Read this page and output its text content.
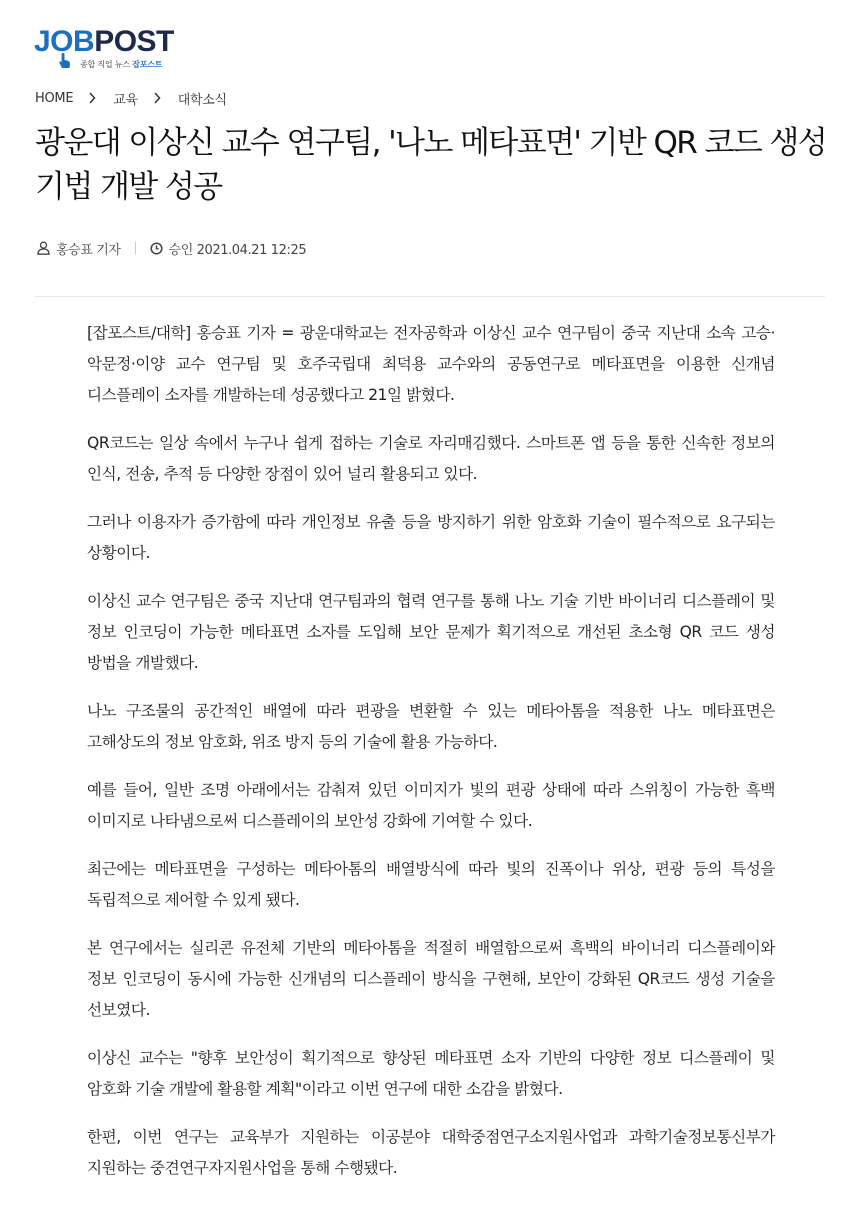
JOBPOST
종합 직업 뉴스 잡포스트
HOME	교육	대학소식
광운대 이상신 교수 연구팀, '나노 메타표면' 기반 QR 코드 생성기법 개발 성공
홍승표 기자	승인 2021.04.21 12:25

[잡포스트/대학] 홍승표 기자 = 광운대학교는 전자공학과 이상신 교수 연구팀이 중국 지난대 소속 고승·악문정·이양 교수 연구팀 및 호주국립대 최덕용 교수와의 공동연구로 메타표면을 이용한 신개념 디스플레이 소자를 개발하는데 성공했다고 21일 밝혔다.

QR코드는 일상 속에서 누구나 쉽게 접하는 기술로 자리매김했다. 스마트폰 앱 등을 통한 신속한 정보의 인식, 전송, 추적 등 다양한 장점이 있어 널리 활용되고 있다.

그러나 이용자가 증가함에 따라 개인정보 유출 등을 방지하기 위한 암호화 기술이 필수적으로 요구되는 상황이다.

이상신 교수 연구팀은 중국 지난대 연구팀과의 협력 연구를 통해 나노 기술 기반 바이너리 디스플레이 및 정보 인코딩이 가능한 메타표면 소자를 도입해 보안 문제가 획기적으로 개선된 초소형 QR 코드 생성 방법을 개발했다.

나노 구조물의 공간적인 배열에 따라 편광을 변환할 수 있는 메타아톰을 적용한 나노 메타표면은 고해상도의 정보 암호화, 위조 방지 등의 기술에 활용 가능하다.

예를 들어, 일반 조명 아래에서는 감춰져 있던 이미지가 빛의 편광 상태에 따라 스위칭이 가능한 흑백 이미지로 나타냄으로써 디스플레이의 보안성 강화에 기여할 수 있다.

최근에는 메타표면을 구성하는 메타아톰의 배열방식에 따라 빛의 진폭이나 위상, 편광 등의 특성을 독립적으로 제어할 수 있게 됐다.

본 연구에서는 실리콘 유전체 기반의 메타아톰을 적절히 배열함으로써 흑백의 바이너리 디스플레이와 정보 인코딩이 동시에 가능한 신개념의 디스플레이 방식을 구현해, 보안이 강화된 QR코드 생성 기술을 선보였다.

이상신 교수는 "향후 보안성이 획기적으로 향상된 메타표면 소자 기반의 다양한 정보 디스플레이 및 암호화 기술 개발에 활용할 계획"이라고 이번 연구에 대한 소감을 밝혔다.

한편, 이번 연구는 교육부가 지원하는 이공분야 대학중점연구소지원사업과 과학기술정보통신부가 지원하는 중견연구자지원사업을 통해 수행됐다.
